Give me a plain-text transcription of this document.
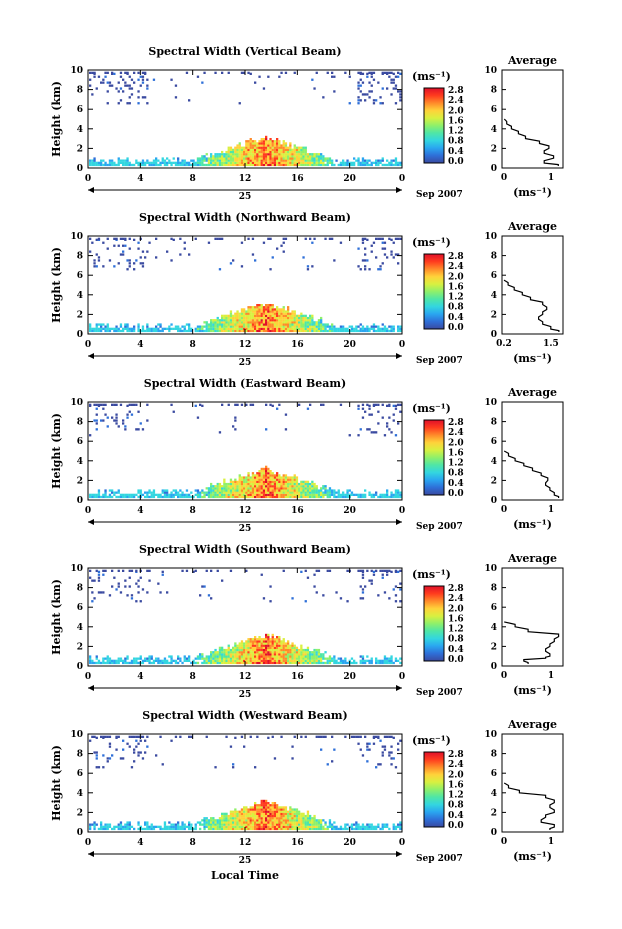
Spectral Width (Vertical Beam)
0
2
4
6
8
10
0	4	8	12	16	20	0
Height (km)
25	Sep 2007
(ms⁻¹)
0.0
0.4
0.8
1.2
1.6
2.0
2.4
2.8
Average
0
2
4
6
8
10
0	1
(ms⁻¹)
Spectral Width (Northward Beam)
0
2
4
6
8
10
0	4	8	12	16	20	0
Height (km)
25	Sep 2007
(ms⁻¹)
0.0
0.4
0.8
1.2
1.6
2.0
2.4
2.8
Average
0
2
4
6
8
10
0.2	1.5
(ms⁻¹)
Spectral Width (Eastward Beam)
0
2
4
6
8
10
0	4	8	12	16	20	0
Height (km)
25	Sep 2007
(ms⁻¹)
0.0
0.4
0.8
1.2
1.6
2.0
2.4
2.8
Average
0
2
4
6
8
10
0	1
(ms⁻¹)
Spectral Width (Southward Beam)
0
2
4
6
8
10
0	4	8	12	16	20	0
Height (km)
25	Sep 2007
(ms⁻¹)
0.0
0.4
0.8
1.2
1.6
2.0
2.4
2.8
Average
0
2
4
6
8
10
0	1
(ms⁻¹)
Spectral Width (Westward Beam)
0
2
4
6
8
10
0	4	8	12	16	20	0
Height (km)
25	Sep 2007
(ms⁻¹)
0.0
0.4
0.8
1.2
1.6
2.0
2.4
2.8
Average
0
2
4
6
8
10
0	1
(ms⁻¹)
Local Time
